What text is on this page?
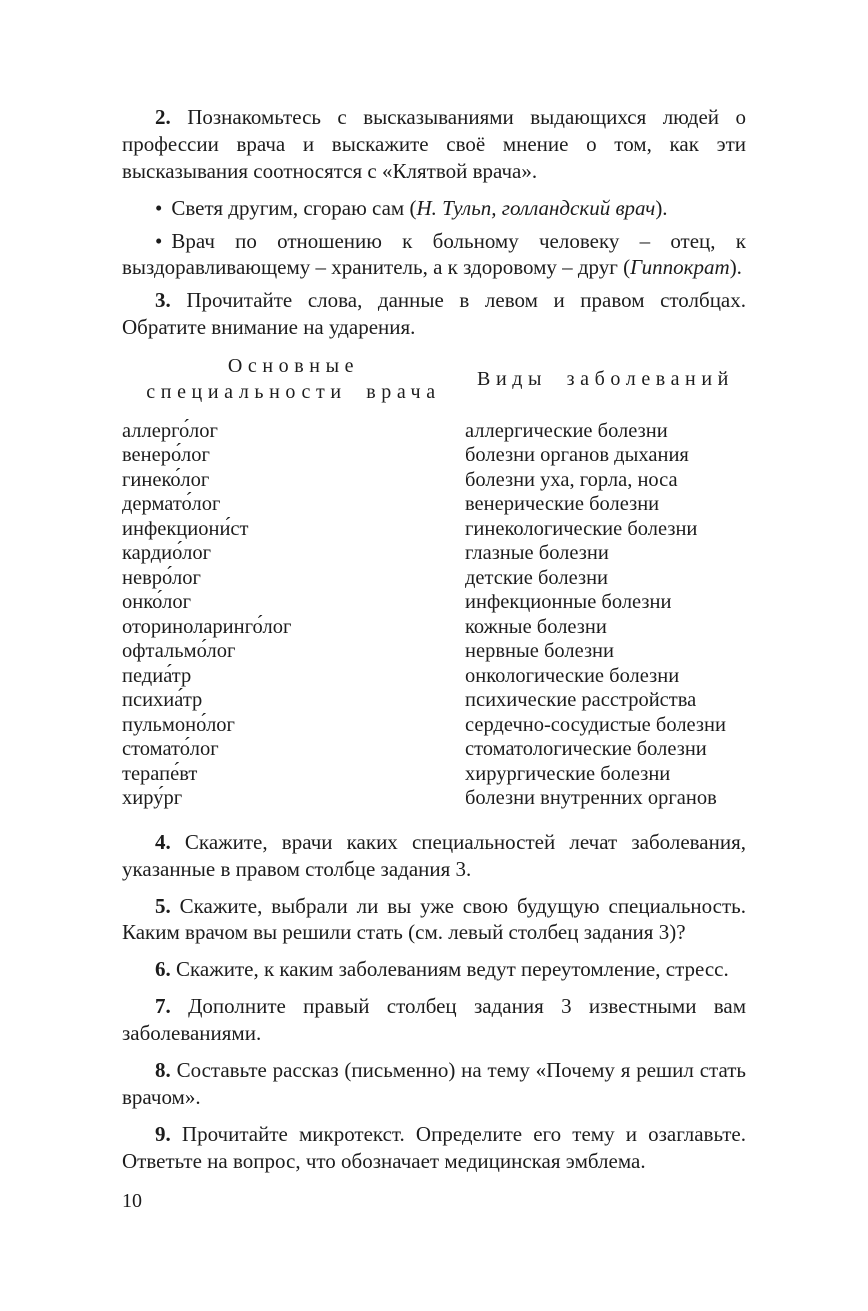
2. Познакомьтесь с высказываниями выдающихся людей о профессии врача и выскажите своё мнение о том, как эти высказывания соотносятся с «Клятвой врача».

• Светя другим, сгораю сам (Н. Тульп, голландский врач).

• Врач по отношению к больному человеку – отец, к выздоравливающему – хранитель, а к здоровому – друг (Гиппократ).

3. Прочитайте слова, данные в левом и правом столбцах. Обратите внимание на ударения.

Основные
специальности врача
Виды заболеваний
аллерго́лог
венеро́лог
гинеко́лог
дермато́лог
инфекциони́ст
кардио́лог
невро́лог
онко́лог
оториноларинго́лог
офтальмо́лог
педиа́тр
психиа́тр
пульмоно́лог
стомато́лог
терапе́вт
хиру́рг
аллергические болезни
болезни органов дыхания
болезни уха, горла, носа
венерические болезни
гинекологические болезни
глазные болезни
детские болезни
инфекционные болезни
кожные болезни
нервные болезни
онкологические болезни
психические расстройства
сердечно-сосудистые болезни
стоматологические болезни
хирургические болезни
болезни внутренних органов

4. Скажите, врачи каких специальностей лечат заболевания, указанные в правом столбце задания 3.

5. Скажите, выбрали ли вы уже свою будущую специальность. Каким врачом вы решили стать (см. левый столбец задания 3)?

6. Скажите, к каким заболеваниям ведут переутомление, стресс.

7. Дополните правый столбец задания 3 известными вам заболеваниями.

8. Составьте рассказ (письменно) на тему «Почему я решил стать врачом».

9. Прочитайте микротекст. Определите его тему и озаглавьте. Ответьте на вопрос, что обозначает медицинская эмблема.

10
